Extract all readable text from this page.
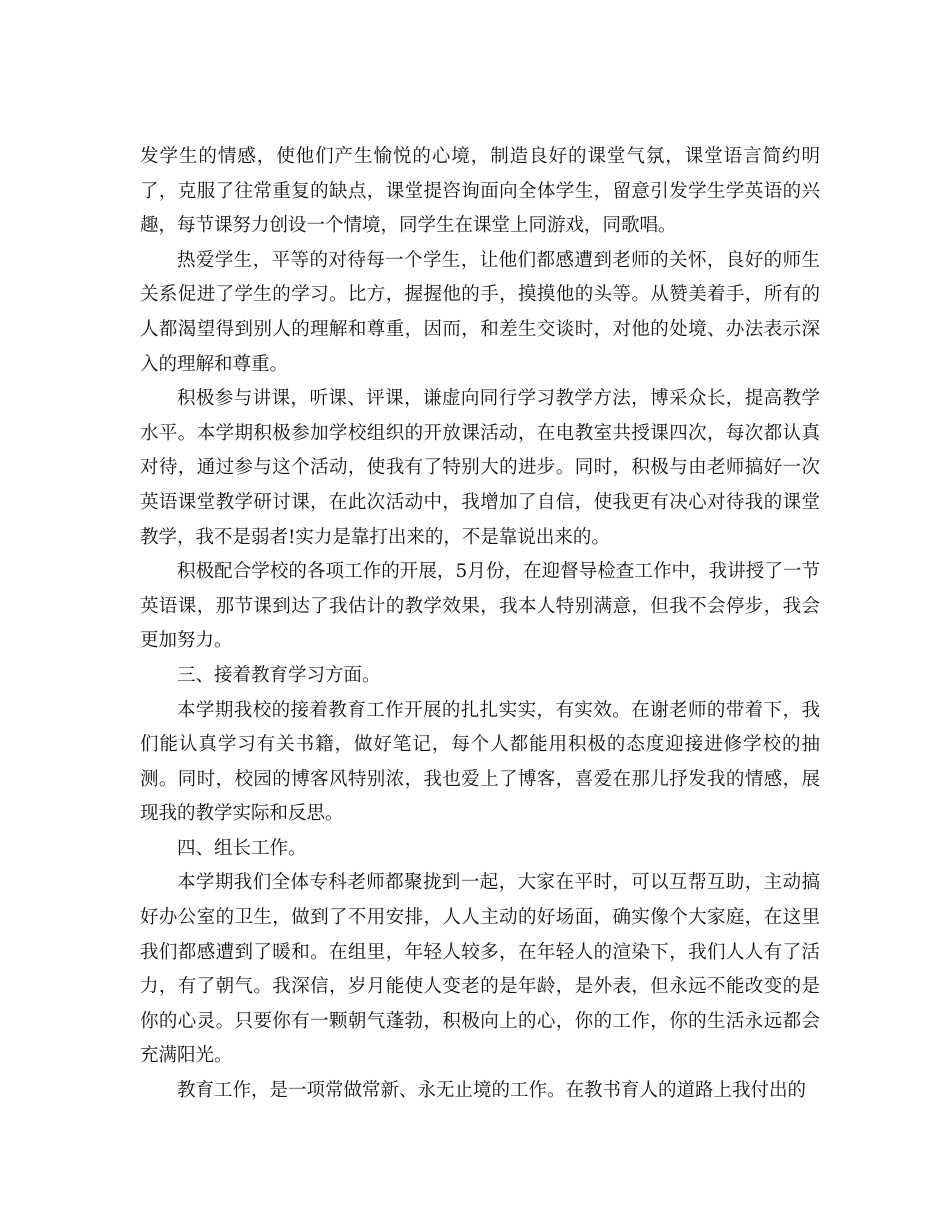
发学生的情感，使他们产生愉悦的心境，制造良好的课堂气氛，课堂语言简约明了，克服了往常重复的缺点，课堂提咨询面向全体学生，留意引发学生学英语的兴趣，每节课努力创设一个情境，同学生在课堂上同游戏，同歌唱。

热爱学生，平等的对待每一个学生，让他们都感遭到老师的关怀，良好的师生关系促进了学生的学习。比方，握握他的手，摸摸他的头等。从赞美着手，所有的人都渴望得到别人的理解和尊重，因而，和差生交谈时，对他的处境、办法表示深入的理解和尊重。

积极参与讲课，听课、评课，谦虚向同行学习教学方法，博采众长，提高教学水平。本学期积极参加学校组织的开放课活动，在电教室共授课四次，每次都认真对待，通过参与这个活动，使我有了特别大的进步。同时，积极与由老师搞好一次英语课堂教学研讨课，在此次活动中，我增加了自信，使我更有决心对待我的课堂教学，我不是弱者!实力是靠打出来的，不是靠说出来的。

积极配合学校的各项工作的开展，5月份，在迎督导检查工作中，我讲授了一节英语课，那节课到达了我估计的教学效果，我本人特别满意，但我不会停步，我会更加努力。

三、接着教育学习方面。

本学期我校的接着教育工作开展的扎扎实实，有实效。在谢老师的带着下，我们能认真学习有关书籍，做好笔记，每个人都能用积极的态度迎接进修学校的抽测。同时，校园的博客风特别浓，我也爱上了博客，喜爱在那儿抒发我的情感，展现我的教学实际和反思。

四、组长工作。

本学期我们全体专科老师都聚拢到一起，大家在平时，可以互帮互助，主动搞好办公室的卫生，做到了不用安排，人人主动的好场面，确实像个大家庭，在这里我们都感遭到了暖和。在组里，年轻人较多，在年轻人的渲染下，我们人人有了活力，有了朝气。我深信，岁月能使人变老的是年龄，是外表，但永远不能改变的是你的心灵。只要你有一颗朝气蓬勃，积极向上的心，你的工作，你的生活永远都会充满阳光。

教育工作，是一项常做常新、永无止境的工作。在教书育人的道路上我付出的
